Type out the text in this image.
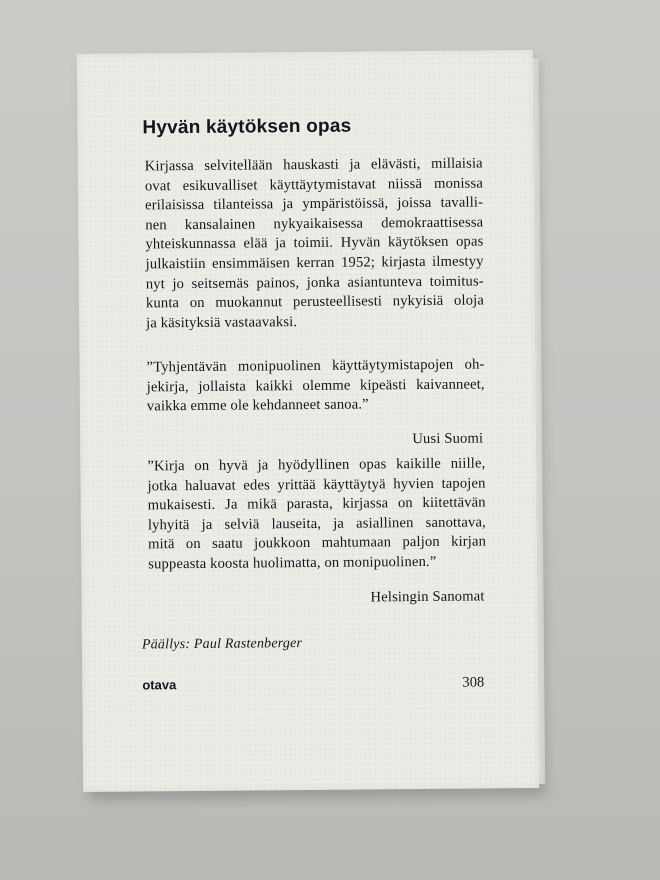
Hyvän käytöksen opas
Kirjassa selvitellään hauskasti ja elävästi, millaisia
ovat esikuvalliset käyttäytymistavat niissä monissa
erilaisissa tilanteissa ja ympäristöissä, joissa tavalli-
nen kansalainen nykyaikaisessa demokraattisessa
yhteiskunnassa elää ja toimii. Hyvän käytöksen opas
julkaistiin ensimmäisen kerran 1952; kirjasta ilmestyy
nyt jo seitsemäs painos, jonka asiantunteva toimitus-
kunta on muokannut perusteellisesti nykyisiä oloja
ja käsityksiä vastaavaksi.
”Tyhjentävän monipuolinen käyttäytymistapojen oh-
jekirja, jollaista kaikki olemme kipeästi kaivanneet,
vaikka emme ole kehdanneet sanoa.”
Uusi Suomi
”Kirja on hyvä ja hyödyllinen opas kaikille niille,
jotka haluavat edes yrittää käyttäytyä hyvien tapojen
mukaisesti. Ja mikä parasta, kirjassa on kiitettävän
lyhyitä ja selviä lauseita, ja asiallinen sanottava,
mitä on saatu joukkoon mahtumaan paljon kirjan
suppeasta koosta huolimatta, on monipuolinen.”
Helsingin Sanomat
Päällys: Paul Rastenberger
otava	308
